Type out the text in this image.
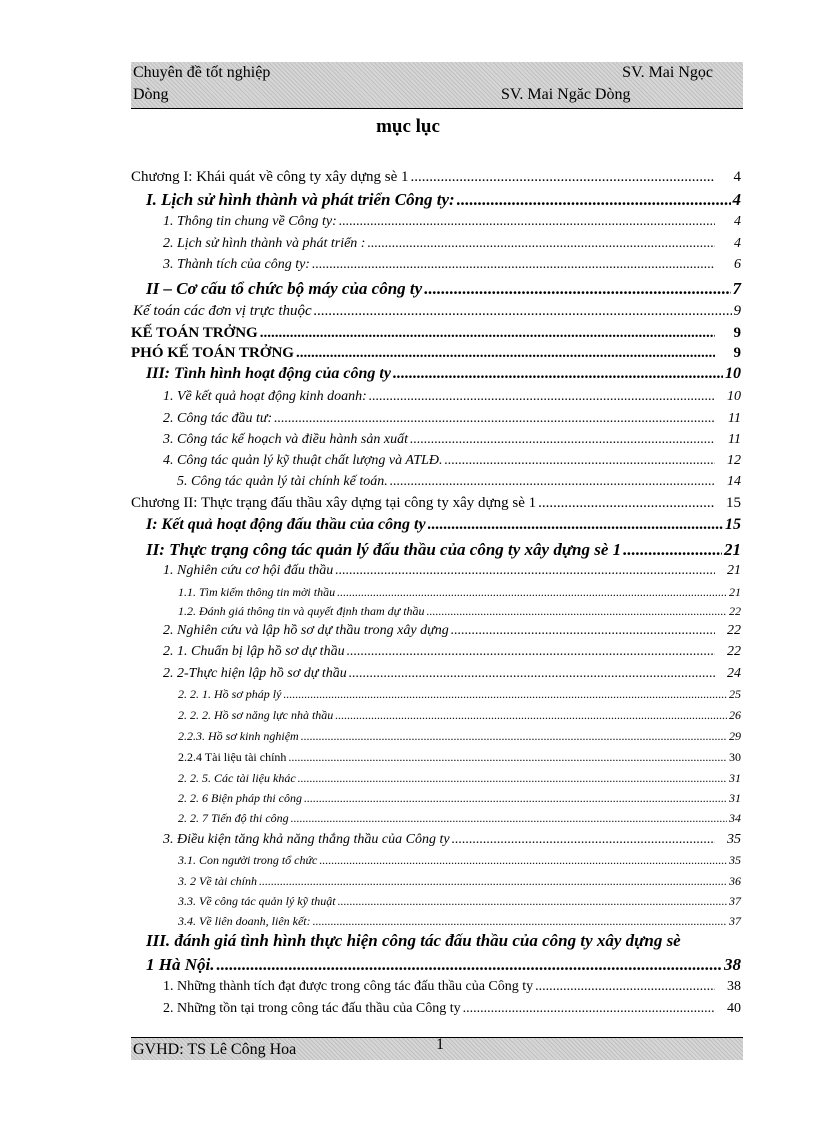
Chuyên đề tốt nghiệp	SV. Mai Ngọc
Dòng	SV. Mai Ngăc Dòng
mục lục
Chương I: Khái quát về công ty xây dựng sè 1 .....	4
I. Lịch sử hình thành và phát triển Công ty: .....	4
1. Thông tin chung về Công ty: .....	4
2. Lịch sử hình thành và phát triển : .....	4
3. Thành tích của công ty: .....	6
II – Cơ cấu tổ chức bộ máy của công ty .....	7
Kế toán các đơn vị trực thuộc .....	9
KẾ TOÁN TRỞNG .....	9
PHÓ KẾ TOÁN TRỞNG .....	9
III: Tình hình hoạt động của công ty .....	10
1. Về kết quả hoạt động kinh doanh: .....	10
2. Công tác đầu tư: .....	11
3. Công tác kế hoạch và điều hành sản xuất .....	11
4. Công tác quản lý kỹ thuật chất lượng và ATLĐ. .....	12
5. Công tác quản lý tài chính kế toán. .....	14
Chương II: Thực trạng đấu thầu xây dựng tại công ty xây dựng sè 1 .....	15
I: Kết quả hoạt động đấu thầu của công ty .....	15
II: Thực trạng công tác quản lý đấu thầu của công ty xây dựng sè 1 .....	21
1. Nghiên cứu cơ hội đấu thầu .....	21
1.1. Tìm kiếm thông tin mời thầu .....	21
1.2. Đánh giá thông tin và quyết định tham dự thầu .....	22
2. Nghiên cứu và lập hồ sơ dự thầu trong xây dựng .....	22
2. 1. Chuẩn bị lập hồ sơ dự thầu .....	22
2. 2-Thực hiện lập hồ sơ dự thầu .....	24
2. 2. 1. Hồ sơ pháp lý .....	25
2. 2. 2. Hồ sơ năng lực nhà thầu .....	26
2.2.3. Hồ sơ kinh nghiệm .....	29
2.2.4 Tài liệu tài chính .....	30
2. 2. 5. Các tài liệu khác .....	31
2. 2. 6 Biện pháp thi công .....	31
2. 2. 7 Tiến độ thi công .....	34
3. Điều kiện tăng khả năng thắng thầu của Công ty .....	35
3.1. Con người trong tổ chức .....	35
3. 2 Về tài chính .....	36
3.3. Về công tác quản lý kỹ thuật .....	37
3.4. Về liên doanh, liên kết: .....	37
III. đánh giá tình hình thực hiện công tác đấu thầu của công ty xây dựng sè
1 Hà Nội. .....	38
1. Những thành tích đạt được trong công tác đấu thầu của Công ty .....	38
2. Những tồn tại trong công tác đấu thầu của Công ty .....	40
GVHD: TS Lê Công Hoa	1
